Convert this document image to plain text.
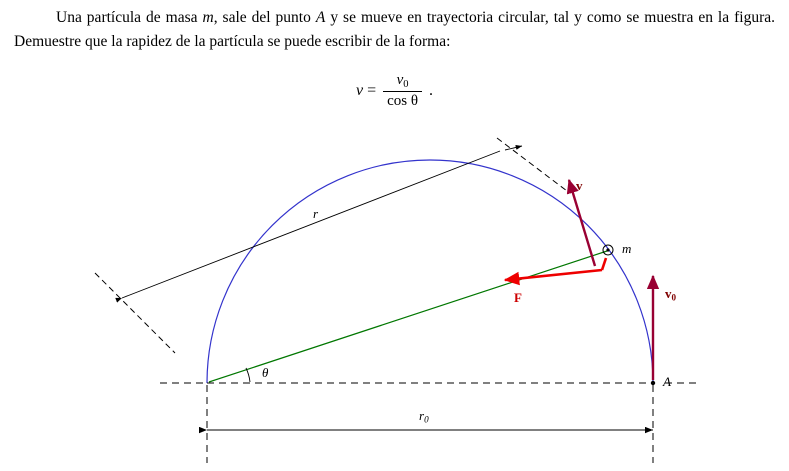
Una partícula de masa m, sale del punto A y se mueve en trayectoria circular, tal y como se muestra en la figura. Demuestre que la rapidez de la partícula se puede escribir de la forma:
$v = \frac{v_0}{\text{cos θ}}$ .
r
v
m
F	$v_0$
θ
A
$r_0$
